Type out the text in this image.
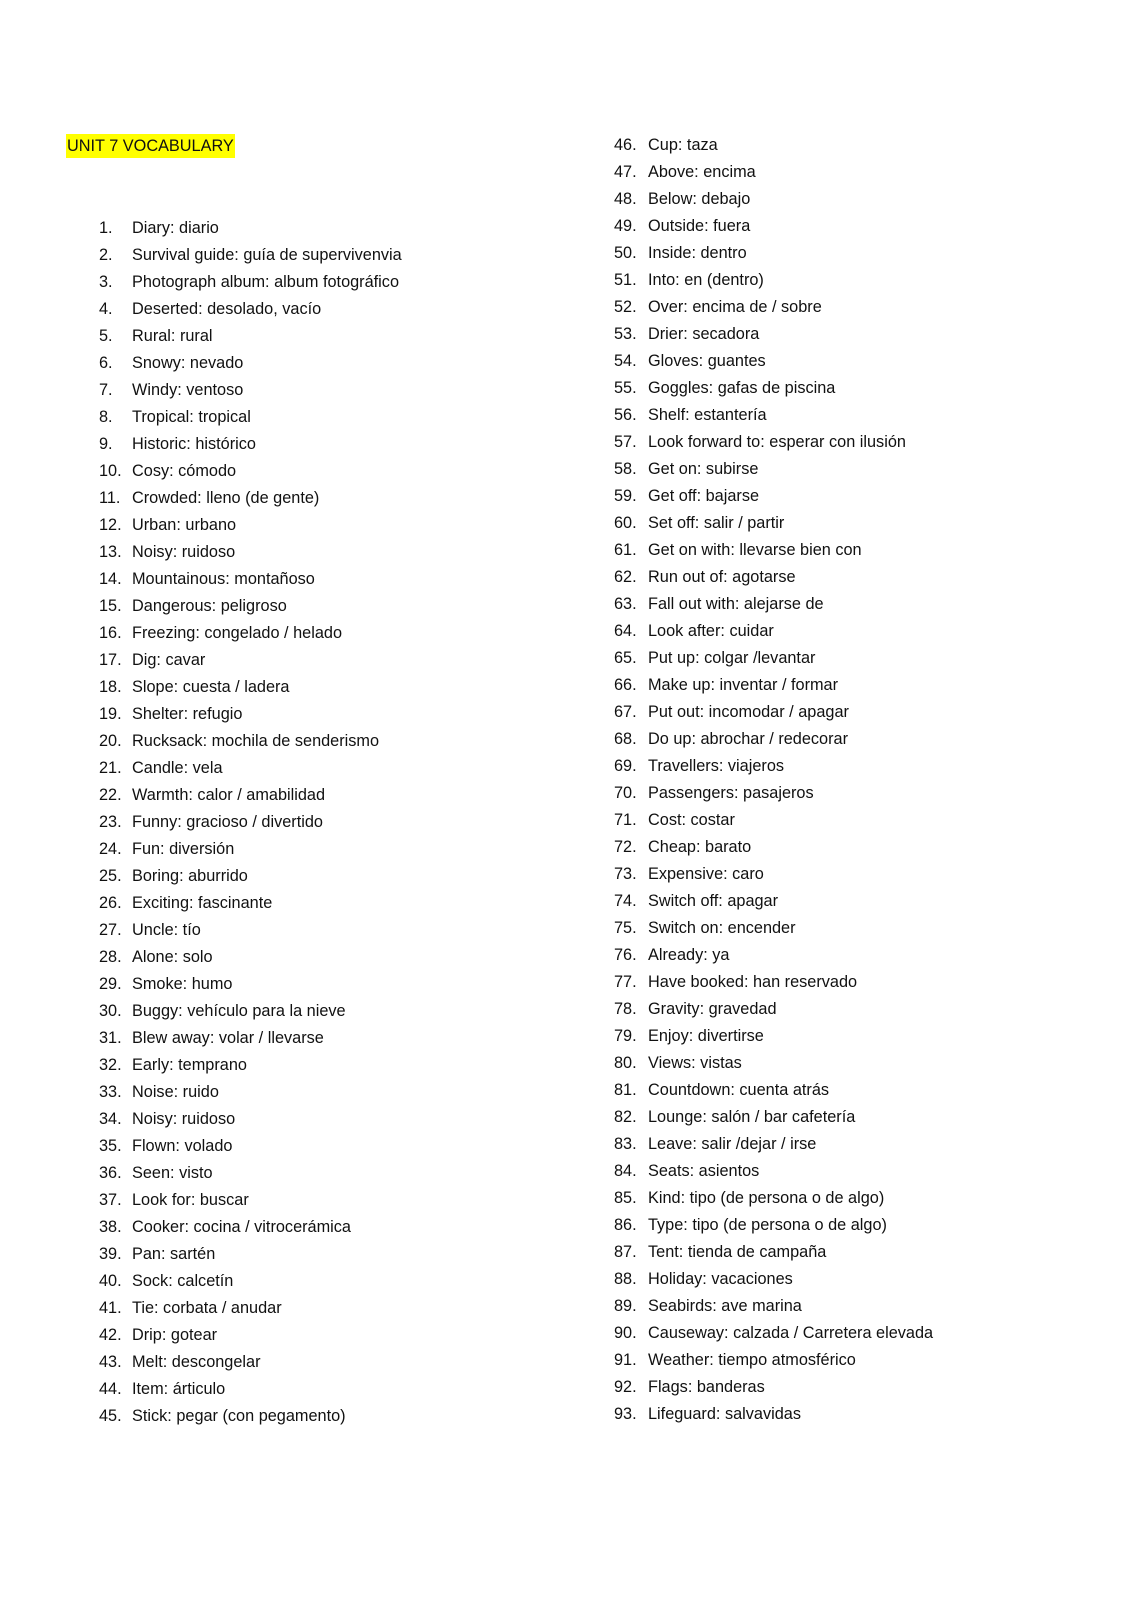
UNIT 7 VOCABULARY
1. Diary: diario
2. Survival guide: guía de supervivenvia
3. Photograph album: album fotográfico
4. Deserted: desolado, vacío
5. Rural: rural
6. Snowy: nevado
7. Windy: ventoso
8. Tropical: tropical
9. Historic: histórico
10. Cosy: cómodo
11. Crowded: lleno (de gente)
12. Urban: urbano
13. Noisy: ruidoso
14. Mountainous: montañoso
15. Dangerous: peligroso
16. Freezing: congelado / helado
17. Dig: cavar
18. Slope: cuesta / ladera
19. Shelter: refugio
20. Rucksack: mochila de senderismo
21. Candle: vela
22. Warmth: calor / amabilidad
23. Funny: gracioso / divertido
24. Fun: diversión
25. Boring: aburrido
26. Exciting: fascinante
27. Uncle: tío
28. Alone: solo
29. Smoke: humo
30. Buggy: vehículo para la nieve
31. Blew away: volar / llevarse
32. Early: temprano
33. Noise: ruido
34. Noisy: ruidoso
35. Flown: volado
36. Seen: visto
37. Look for: buscar
38. Cooker: cocina / vitrocerámica
39. Pan: sartén
40. Sock: calcetín
41. Tie: corbata / anudar
42. Drip: gotear
43. Melt: descongelar
44. Item: árticulo
45. Stick: pegar (con pegamento)
46. Cup: taza
47. Above: encima
48. Below: debajo
49. Outside: fuera
50. Inside: dentro
51. Into: en (dentro)
52. Over: encima de / sobre
53. Drier: secadora
54. Gloves: guantes
55. Goggles: gafas de piscina
56. Shelf: estantería
57. Look forward to: esperar con ilusión
58. Get on: subirse
59. Get off: bajarse
60. Set off: salir / partir
61. Get on with: llevarse bien con
62. Run out of: agotarse
63. Fall out with: alejarse de
64. Look after: cuidar
65. Put up: colgar /levantar
66. Make up: inventar / formar
67. Put out: incomodar / apagar
68. Do up: abrochar / redecorar
69. Travellers: viajeros
70. Passengers: pasajeros
71. Cost: costar
72. Cheap: barato
73. Expensive: caro
74. Switch off: apagar
75. Switch on: encender
76. Already: ya
77. Have booked: han reservado
78. Gravity: gravedad
79. Enjoy: divertirse
80. Views: vistas
81. Countdown: cuenta atrás
82. Lounge: salón / bar cafetería
83. Leave: salir /dejar / irse
84. Seats: asientos
85. Kind: tipo (de persona o de algo)
86. Type: tipo (de persona o de algo)
87. Tent: tienda de campaña
88. Holiday: vacaciones
89. Seabirds: ave marina
90. Causeway: calzada / Carretera elevada
91. Weather: tiempo atmosférico
92. Flags: banderas
93. Lifeguard: salvavidas
